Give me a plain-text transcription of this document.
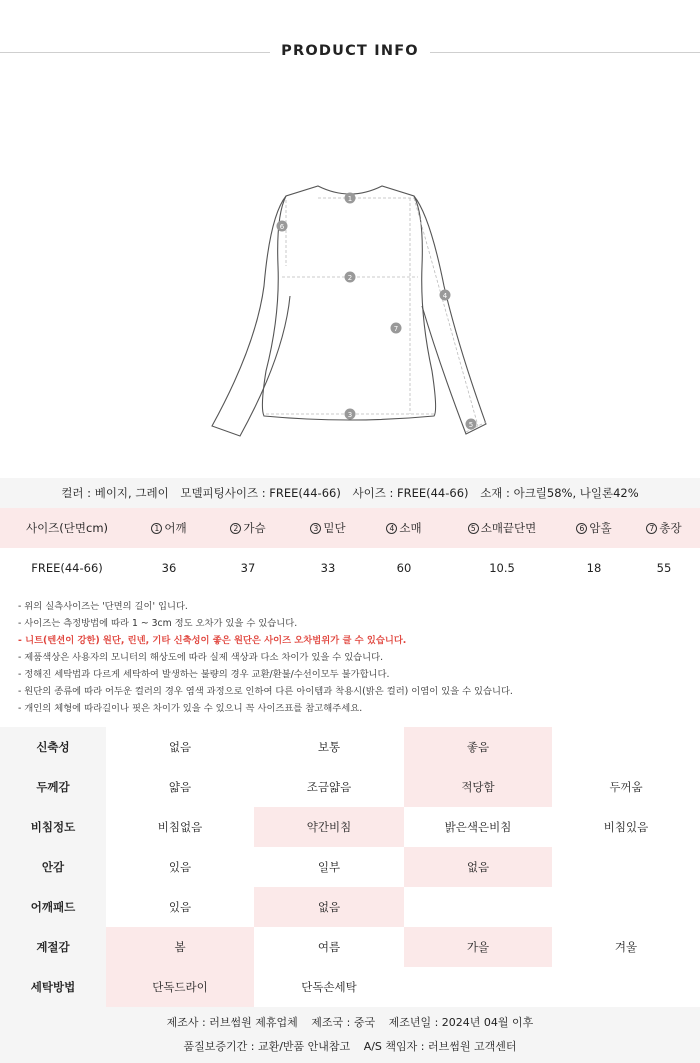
PRODUCT INFO
1
2
3
4
5
6
7
컬러 : 베이지, 그레이 모델피팅사이즈 : FREE(44-66) 사이즈 : FREE(44-66) 소재 : 아크릴58%, 나일론42%
사이즈(단면cm)	1 어깨	2 가슴	3 밑단	4 소매	5 소매끝단면	6 암홀	7 총장
FREE(44-66)	36	37	33	60	10.5	18	55
- 위의 실측사이즈는 '단면의 길이' 입니다.
- 사이즈는 측정방법에 따라 1 ~ 3cm 정도 오차가 있을 수 있습니다.
- 니트(텐션이 강한) 원단, 린넨, 기타 신축성이 좋은 원단은 사이즈 오차범위가 클 수 있습니다.
- 제품색상은 사용자의 모니터의 해상도에 따라 실제 색상과 다소 차이가 있을 수 있습니다.
- 정해진 세탁법과 다르게 세탁하여 발생하는 불량의 경우 교환/환불/수선이모두 불가합니다.
- 원단의 종류에 따라 어두운 컬러의 경우 염색 과정으로 인하여 다른 아이템과 착용시(밝은 컬러) 이염이 있을 수 있습니다.
- 개인의 체형에 따라길이나 핏은 차이가 있을 수 있으니 꼭 사이즈표를 참고해주세요.
신축성	없음	보통	좋음	
두께감	얇음	조금얇음	적당함	두꺼움
비침정도	비침없음	약간비침	밝은색은비침	비침있음
안감	있음	일부	없음	
어깨패드	있음	없음		
계절감	봄	여름	가을	겨울
세탁방법	단독드라이	단독손세탁		
제조사 : 러브썸원 제휴업체 제조국 : 중국 제조년일 : 2024년 04월 이후
품질보증기간 : 교환/반품 안내참고 A/S 책임자 : 러브썸원 고객센터
